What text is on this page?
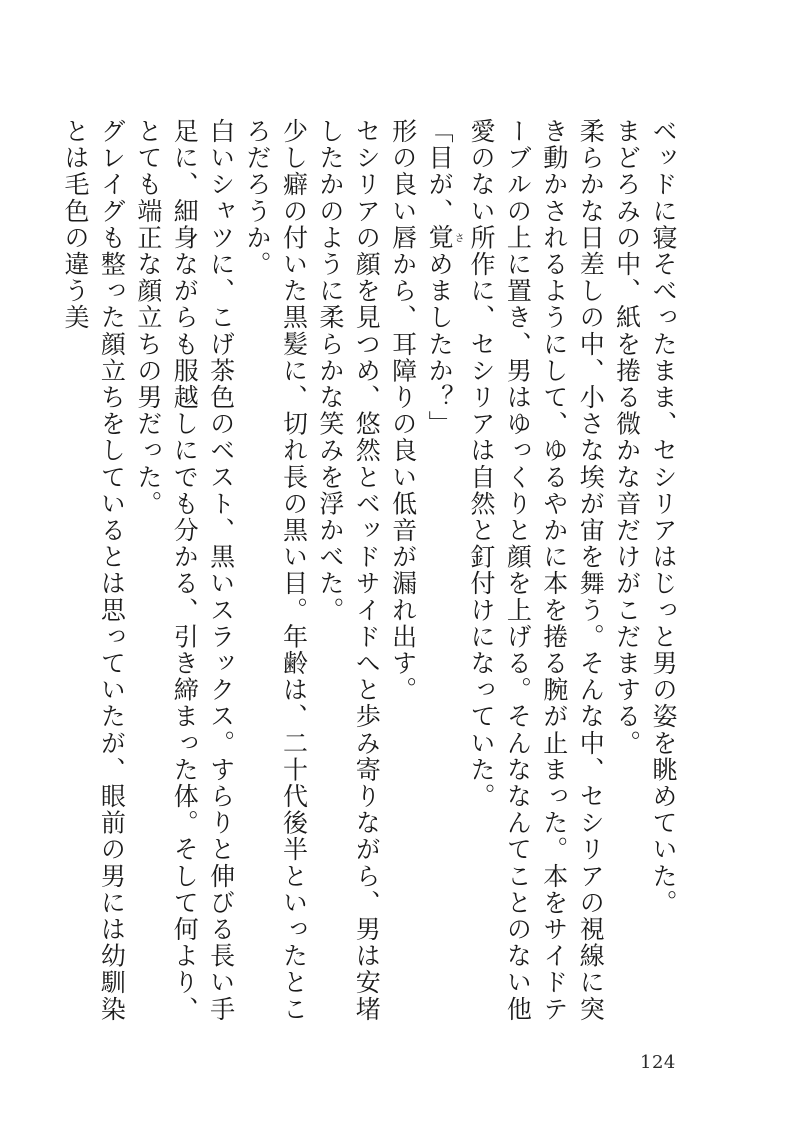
ベッドに寝そべったまま、セシリアはじっと男の姿を眺めていた。

まどろみの中、紙を捲る微かな音だけがこだまする。

柔らかな日差しの中、小さな埃が宙を舞う。そんな中、セシリアの視線に突き動かされるようにして、ゆるやかに本を捲る腕が止まった。本をサイドテーブルの上に置き、男はゆっくりと顔を上げる。そんななんてことのない他愛のない所作に、セシリアは自然と釘付けになっていた。

「目が、覚さめましたか？」

形の良い唇から、耳障りの良い低音が漏れ出す。

セシリアの顔を見つめ、悠然とベッドサイドへと歩み寄りながら、男は安堵したかのように柔らかな笑みを浮かべた。

少し癖の付いた黒髪に、切れ長の黒い目。年齢は、二十代後半といったところだろうか。

白いシャツに、こげ茶色のベスト、黒いスラックス。すらりと伸びる長い手足に、細身ながらも服越しにでも分かる、引き締まった体。そして何より、とても端正な顔立ちの男だった。

グレイグも整った顔立ちをしているとは思っていたが、眼前の男には幼馴染とは毛色の違う美

124
